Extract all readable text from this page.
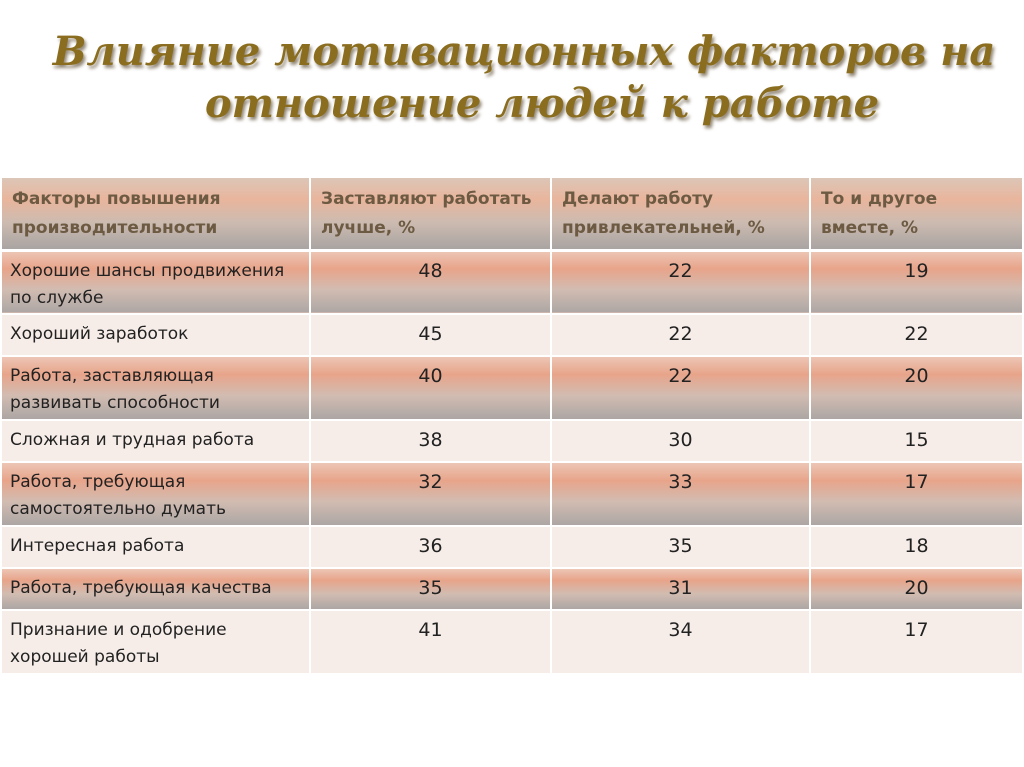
Влияние мотивационных факторов на
отношение людей к работе
Факторы повышения производительности	Заставляют работать лучше, %	Делают работу привлекательней, %	То и другое вместе, %
Хорошие шансы продвижения по службе	48	22	19
Хороший заработок	45	22	22
Работа, заставляющая развивать способности	40	22	20
Сложная и трудная работа	38	30	15
Работа, требующая самостоятельно думать	32	33	17
Интересная работа	36	35	18
Работа, требующая качества	35	31	20
Признание и одобрение хорошей работы	41	34	17
